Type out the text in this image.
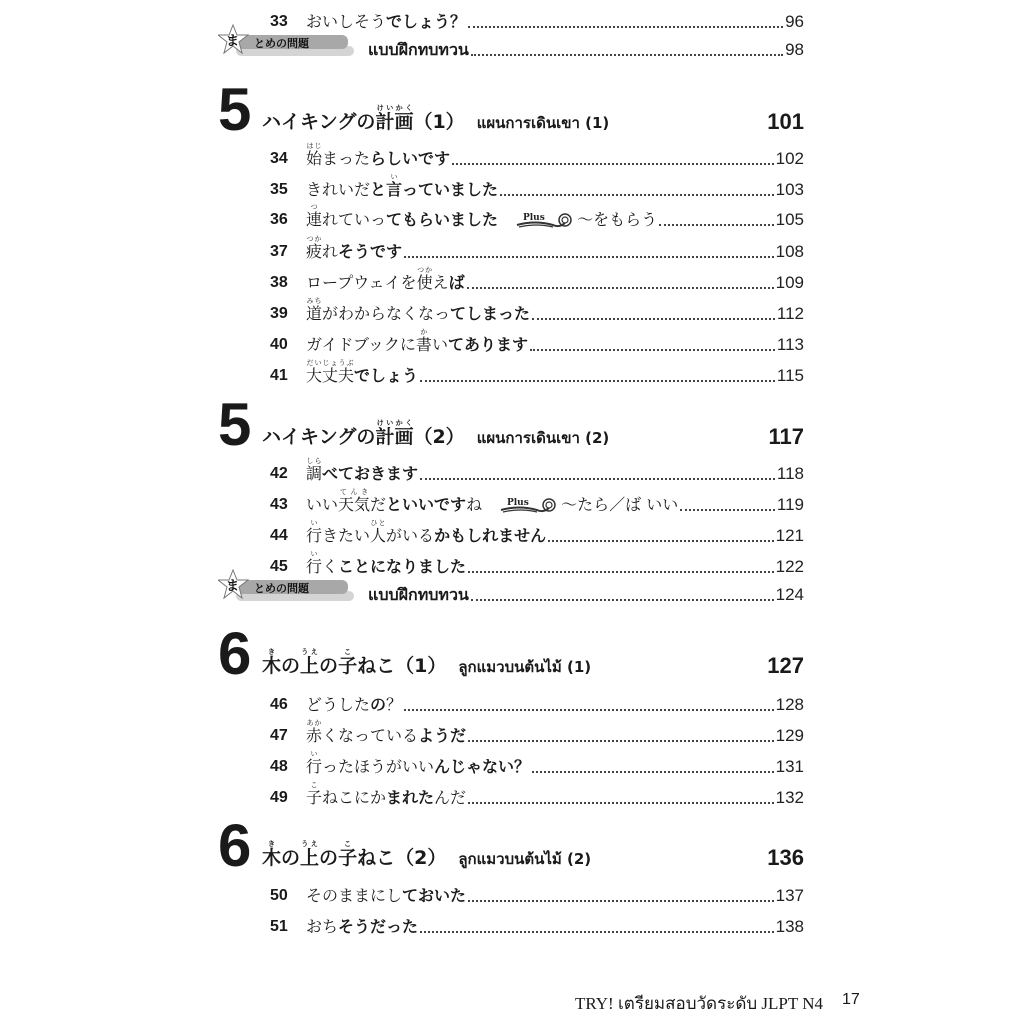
33	おいしそうでしょう？	96
ま とめの問題	แบบฝึกทบทวน	98
5 ハイキングの計画けいかく（1） แผนการเดินเขา (1)	101
34	始はじまったらしいです	102
35	きれいだと言いっていました	103
36	連つれていってもらいました	Plus ～をもらう	105
37	疲つかれそうです	108
38	ロープウェイを使つかえば	109
39	道みちがわからなくなってしまった	112
40	ガイドブックに書かいてあります	113
41	大丈夫だいじょうぶでしょう	115
5 ハイキングの計画けいかく（2） แผนการเดินเขา (2)	117
42	調しらべておきます	118
43	いい天気てんきだといいですね	Plus ～たら／ば いい	119
44	行いきたい人ひとがいるかもしれません	121
45	行いくことになりました	122
ま とめの問題	แบบฝึกทบทวน	124
6 木きの上うえの子こねこ（1） ลูกแมวบนต้นไม้ (1)	127
46	どうしたの？	128
47	赤あかくなっているようだ	129
48	行いったほうがいいんじゃない？	131
49	子こねこにかまれたんだ	132
6 木きの上うえの子こねこ（2） ลูกแมวบนต้นไม้ (2)	136
50	そのままにしておいた	137
51	おちそうだった	138
TRY! เตรียมสอบวัดระดับ JLPT N4 17
